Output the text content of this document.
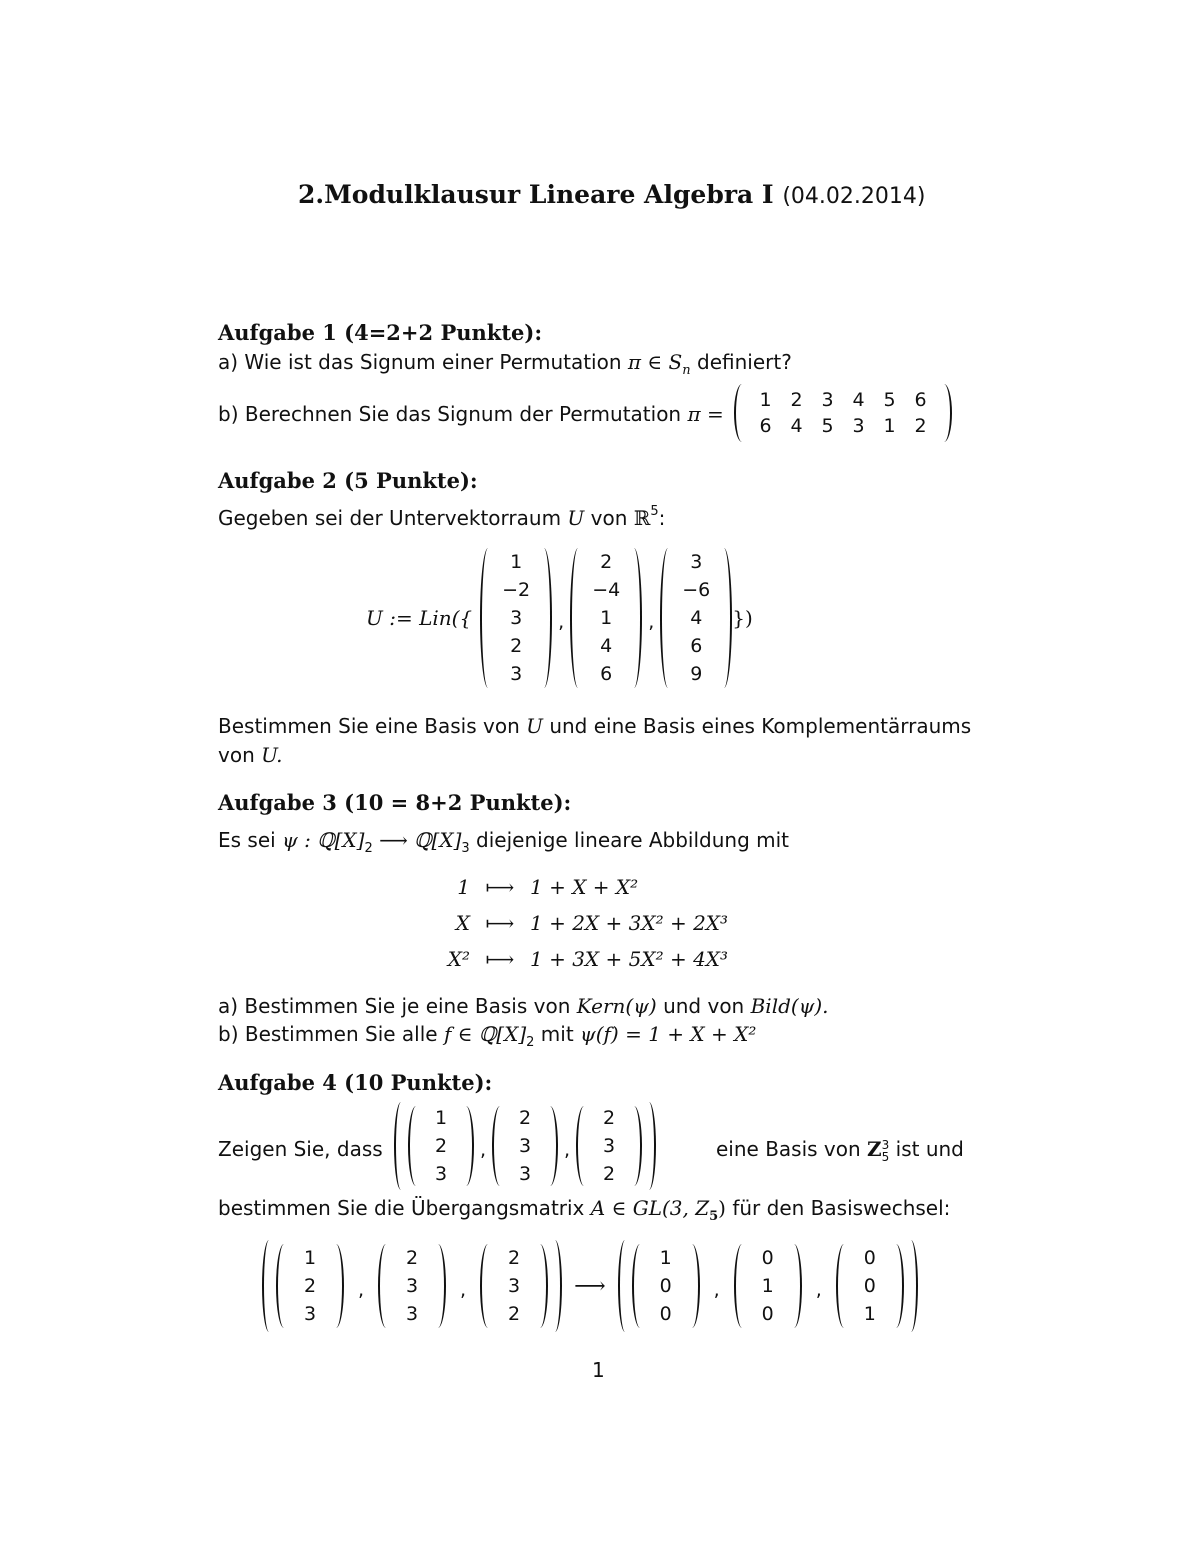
2.Modulklausur Lineare Algebra I (04.02.2014)
Aufgabe 1 (4=2+2 Punkte):
a) Wie ist das Signum einer Permutation π ∈ $S_n$ definiert?
b) Berechnen Sie das Signum der Permutation π =
1 2 3 4 5 6
6 4 5 3 1 2
Aufgabe 2 (5 Punkte):
Gegeben sei der Untervektorraum U von ℝ$^5$:
U := Lin({
1
−2
3
2
3
,
2
−4
1
4
6
,
3
−6
4
6
9
})
Bestimmen Sie eine Basis von U und eine Basis eines Komplementärraums
von U.
Aufgabe 3 (10 = 8+2 Punkte):
Es sei ψ : $ℚ[X]_2$ ⟶ $ℚ[X]_3$ diejenige lineare Abbildung mit
1 ⟼ 1 + X + X²
X ⟼ 1 + 2X + 3X² + 2X³
X² ⟼ 1 + 3X + 5X² + 4X³
a) Bestimmen Sie je eine Basis von Kern(ψ) und von Bild(ψ).
b) Bestimmen Sie alle f ∈ $ℚ[X]_2$ mit ψ(f) = 1 + X + X²
Aufgabe 4 (10 Punkte):
Zeigen Sie, dass
1
2
3
,
2
3
3
,
2
3
2
eine Basis von Z 3
5 ist und
bestimmen Sie die Übergangsmatrix A ∈ GL(3, $Z_5$) für den Basiswechsel:
1
2
3
,
2
3
3
,
2
3
2
⟶
1
0
0
,
0
1
0
,
0
0
1
1
